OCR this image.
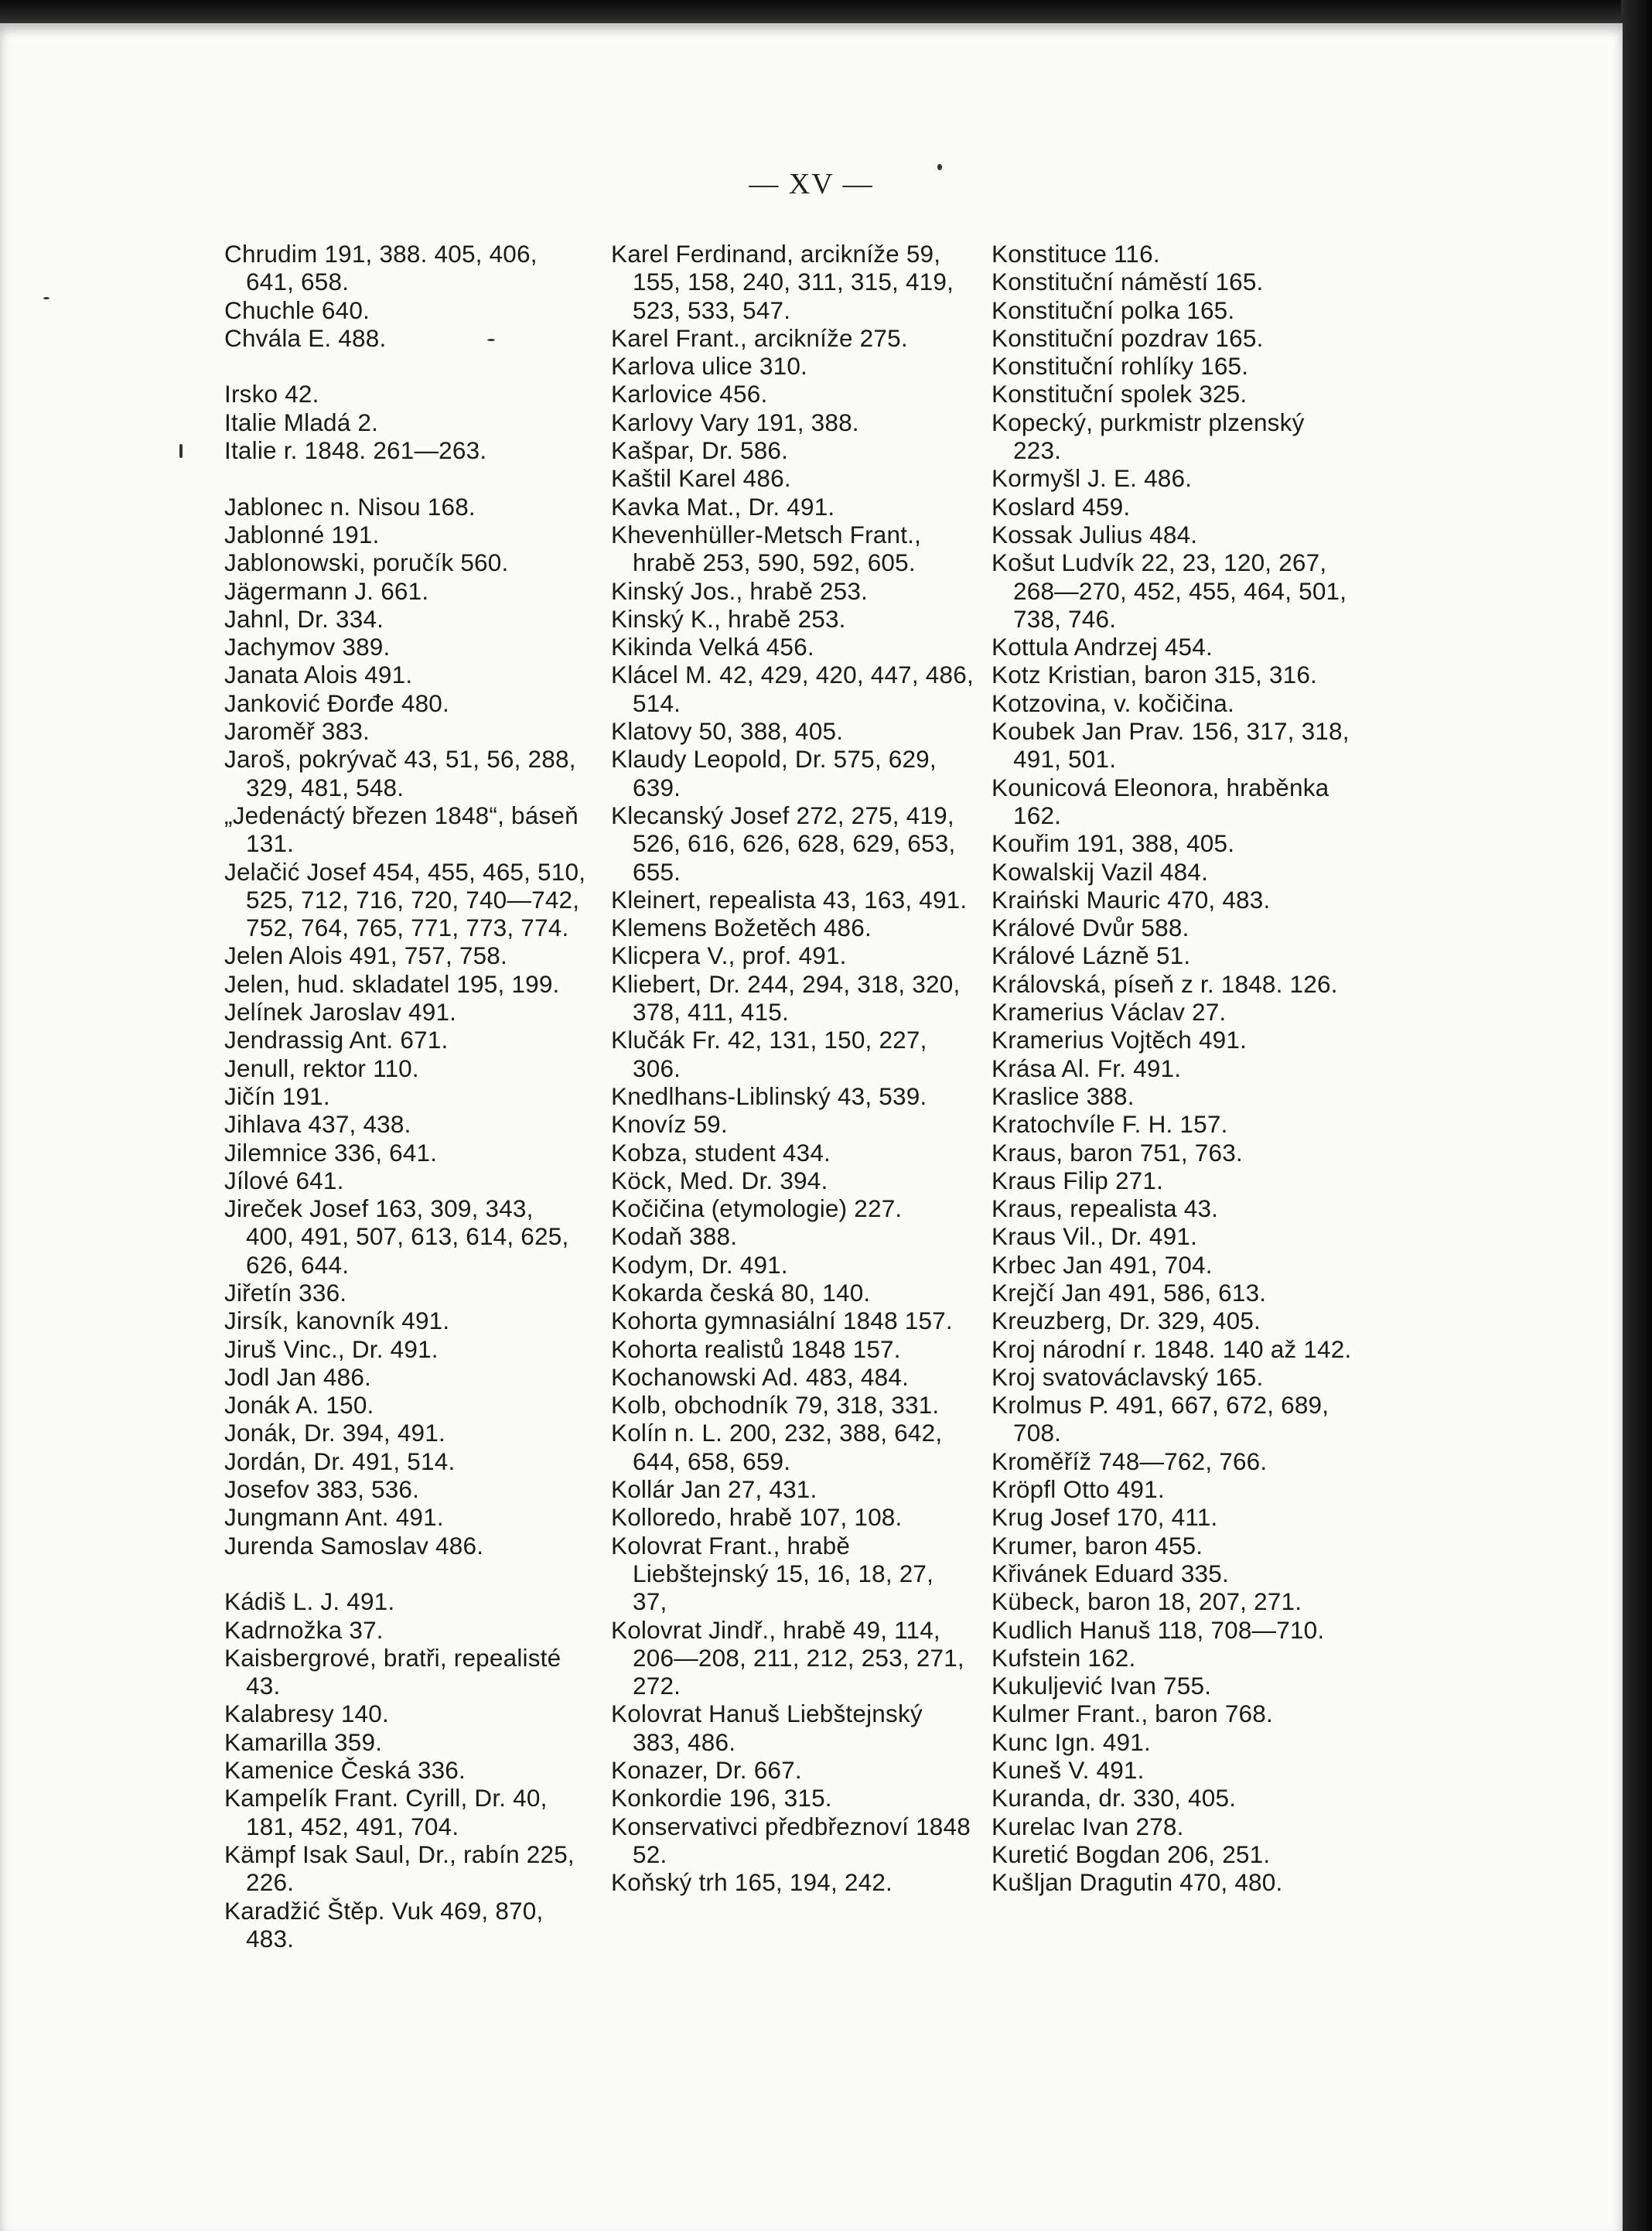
— XV —
Chrudim 191, 388. 405, 406, 641, 658.
Chuchle 640.
Chvála E. 488.
Irsko 42.
Italie Mladá 2.
Italie r. 1848. 261—263.
Jablonec n. Nisou 168.
Jablonné 191.
Jablonowski, poručík 560.
Jägermann J. 661.
Jahnl, Dr. 334.
Jachymov 389.
Janata Alois 491.
Janković Đorđe 480.
Jaroměř 383.
Jaroš, pokrývač 43, 51, 56, 288, 329, 481, 548.
„Jedenáctý březen 1848“, báseň 131.
Jelačić Josef 454, 455, 465, 510, 525, 712, 716, 720, 740—742, 752, 764, 765, 771, 773, 774.
Jelen Alois 491, 757, 758.
Jelen, hud. skladatel 195, 199.
Jelínek Jaroslav 491.
Jendrassig Ant. 671.
Jenull, rektor 110.
Jičín 191.
Jihlava 437, 438.
Jilemnice 336, 641.
Jílové 641.
Jireček Josef 163, 309, 343, 400, 491, 507, 613, 614, 625, 626, 644.
Jiřetín 336.
Jirsík, kanovník 491.
Jiruš Vinc., Dr. 491.
Jodl Jan 486.
Jonák A. 150.
Jonák, Dr. 394, 491.
Jordán, Dr. 491, 514.
Josefov 383, 536.
Jungmann Ant. 491.
Jurenda Samoslav 486.
Kádiš L. J. 491.
Kadrnožka 37.
Kaisbergrové, bratři, repealisté 43.
Kalabresy 140.
Kamarilla 359.
Kamenice Česká 336.
Kampelík Frant. Cyrill, Dr. 40, 181, 452, 491, 704.
Kämpf Isak Saul, Dr., rabín 225, 226.
Karadžić Štěp. Vuk 469, 870, 483.
Karel Ferdinand, arcikníže 59, 155, 158, 240, 311, 315, 419, 523, 533, 547.
Karel Frant., arcikníže 275.
Karlova ulice 310.
Karlovice 456.
Karlovy Vary 191, 388.
Kašpar, Dr. 586.
Kaštil Karel 486.
Kavka Mat., Dr. 491.
Khevenhüller-Metsch Frant., hrabě 253, 590, 592, 605.
Kinský Jos., hrabě 253.
Kinský K., hrabě 253.
Kikinda Velká 456.
Klácel M. 42, 429, 420, 447, 486, 514.
Klatovy 50, 388, 405.
Klaudy Leopold, Dr. 575, 629, 639.
Klecanský Josef 272, 275, 419, 526, 616, 626, 628, 629, 653, 655.
Kleinert, repealista 43, 163, 491.
Klemens Božetěch 486.
Klicpera V., prof. 491.
Kliebert, Dr. 244, 294, 318, 320, 378, 411, 415.
Klučák Fr. 42, 131, 150, 227, 306.
Knedlhans-Liblinský 43, 539.
Knovíz 59.
Kobza, student 434.
Köck, Med. Dr. 394.
Kočičina (etymologie) 227.
Kodaň 388.
Kodym, Dr. 491.
Kokarda česká 80, 140.
Kohorta gymnasiální 1848 157.
Kohorta realistů 1848 157.
Kochanowski Ad. 483, 484.
Kolb, obchodník 79, 318, 331.
Kolín n. L. 200, 232, 388, 642, 644, 658, 659.
Kollár Jan 27, 431.
Kolloredo, hrabě 107, 108.
Kolovrat Frant., hrabě Liebštejnský 15, 16, 18, 27, 37,
Kolovrat Jindř., hrabě 49, 114, 206—208, 211, 212, 253, 271, 272.
Kolovrat Hanuš Liebštejnský 383, 486.
Konazer, Dr. 667.
Konkordie 196, 315.
Konservativci předbřeznoví 1848 52.
Koňský trh 165, 194, 242.
Konstituce 116.
Konstituční náměstí 165.
Konstituční polka 165.
Konstituční pozdrav 165.
Konstituční rohlíky 165.
Konstituční spolek 325.
Kopecký, purkmistr plzenský 223.
Kormyšl J. E. 486.
Koslard 459.
Kossak Julius 484.
Košut Ludvík 22, 23, 120, 267, 268—270, 452, 455, 464, 501, 738, 746.
Kottula Andrzej 454.
Kotz Kristian, baron 315, 316.
Kotzovina, v. kočičina.
Koubek Jan Prav. 156, 317, 318, 491, 501.
Kounicová Eleonora, hraběnka 162.
Kouřim 191, 388, 405.
Kowalskij Vazil 484.
Kraiński Mauric 470, 483.
Králové Dvůr 588.
Králové Lázně 51.
Královská, píseň z r. 1848. 126.
Kramerius Václav 27.
Kramerius Vojtěch 491.
Krása Al. Fr. 491.
Kraslice 388.
Kratochvíle F. H. 157.
Kraus, baron 751, 763.
Kraus Filip 271.
Kraus, repealista 43.
Kraus Vil., Dr. 491.
Krbec Jan 491, 704.
Krejčí Jan 491, 586, 613.
Kreuzberg, Dr. 329, 405.
Kroj národní r. 1848. 140 až 142.
Kroj svatováclavský 165.
Krolmus P. 491, 667, 672, 689, 708.
Kroměříž 748—762, 766.
Kröpfl Otto 491.
Krug Josef 170, 411.
Krumer, baron 455.
Křivánek Eduard 335.
Kübeck, baron 18, 207, 271.
Kudlich Hanuš 118, 708—710.
Kufstein 162.
Kukuljević Ivan 755.
Kulmer Frant., baron 768.
Kunc Ign. 491.
Kuneš V. 491.
Kuranda, dr. 330, 405.
Kurelac Ivan 278.
Kuretić Bogdan 206, 251.
Kušljan Dragutin 470, 480.
